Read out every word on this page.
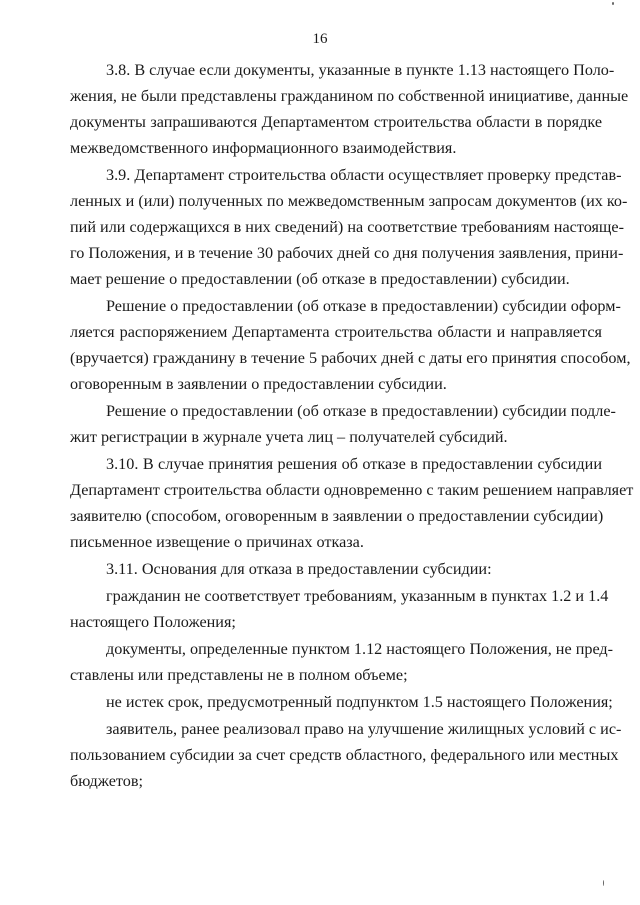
16
3.8. В случае если документы, указанные в пункте 1.13 настоящего Поло-
жения, не были представлены гражданином по собственной инициативе, данные
документы запрашиваются Департаментом строительства области в порядке
межведомственного информационного взаимодействия.
3.9. Департамент строительства области осуществляет проверку представ-
ленных и (или) полученных по межведомственным запросам документов (их ко-
пий или содержащихся в них сведений) на соответствие требованиям настояще-
го Положения, и в течение 30 рабочих дней со дня получения заявления, прини-
мает решение о предоставлении (об отказе в предоставлении) субсидии.
Решение о предоставлении (об отказе в предоставлении) субсидии оформ-
ляется распоряжением Департамента строительства области и направляется
(вручается) гражданину в течение 5 рабочих дней с даты его принятия способом,
оговоренным в заявлении о предоставлении субсидии.
Решение о предоставлении (об отказе в предоставлении) субсидии подле-
жит регистрации в журнале учета лиц – получателей субсидий.
3.10. В случае принятия решения об отказе в предоставлении субсидии
Департамент строительства области одновременно с таким решением направляет
заявителю (способом, оговоренным в заявлении о предоставлении субсидии)
письменное извещение о причинах отказа.
3.11. Основания для отказа в предоставлении субсидии:
гражданин не соответствует требованиям, указанным в пунктах 1.2 и 1.4
настоящего Положения;
документы, определенные пунктом 1.12 настоящего Положения, не пред-
ставлены или представлены не в полном объеме;
не истек срок, предусмотренный подпунктом 1.5 настоящего Положения;
заявитель, ранее реализовал право на улучшение жилищных условий с ис-
пользованием субсидии за счет средств областного, федерального или местных
бюджетов;
